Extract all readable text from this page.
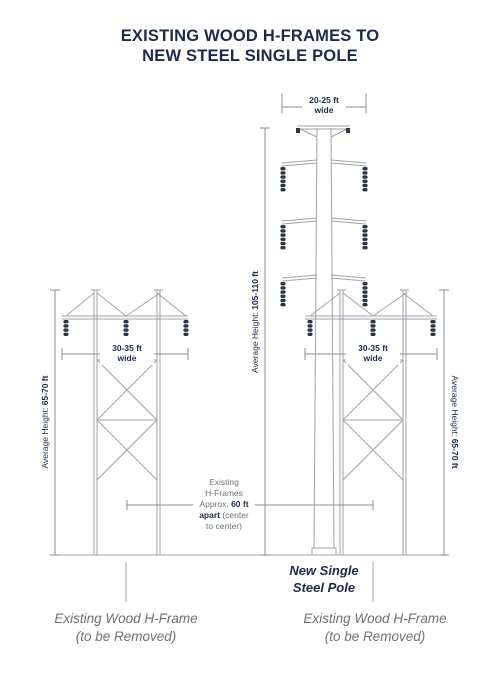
EXISTING WOOD H-FRAMES TO
NEW STEEL SINGLE POLE
30-35 ft
wide
Average Height: 65-70 ft
30-35 ft
wide
Average Height: 65-70 ft
20-25 ft
wide
Average Height: 105-110 ft
Existing
H-Frames
Approx. 60 ft
apart (center
to center)
New Single
Steel Pole
Existing Wood H-Frame
(to be Removed)
Existing Wood H-Frame
(to be Removed)
